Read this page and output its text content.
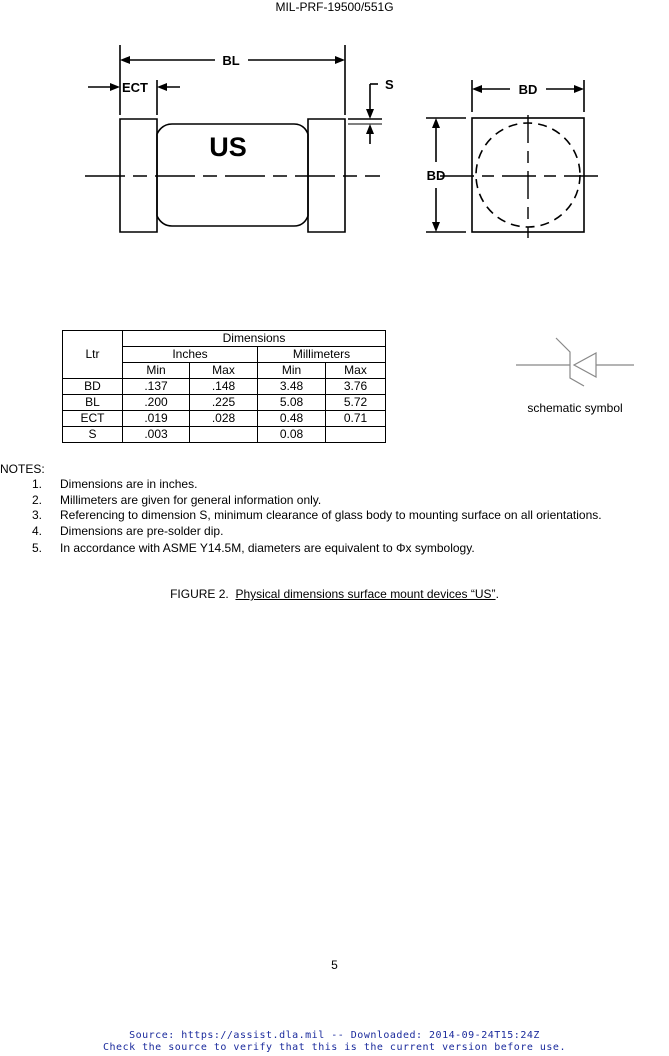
MIL-PRF-19500/551G
US
BL
ECT	S	BD
BD
Ltr	Dimensions			
	Inches		Millimeters	
	Min	Max	Min	Max
BD	.137	.148	3.48	3.76
BL	.200	.225	5.08	5.72
ECT	.019	.028	0.48	0.71
S	.003		0.08	
schematic symbol
NOTES:
1. Dimensions are in inches.
2. Millimeters are given for general information only.
3. Referencing to dimension S, minimum clearance of glass body to mounting surface on all orientations.
4. Dimensions are pre-solder dip.
5. In accordance with ASME Y14.5M, diameters are equivalent to Φx symbology.
FIGURE 2. Physical dimensions surface mount devices “US”.
5
Source: https://assist.dla.mil -- Downloaded: 2014-09-24T15:24Z
Check the source to verify that this is the current version before use.
